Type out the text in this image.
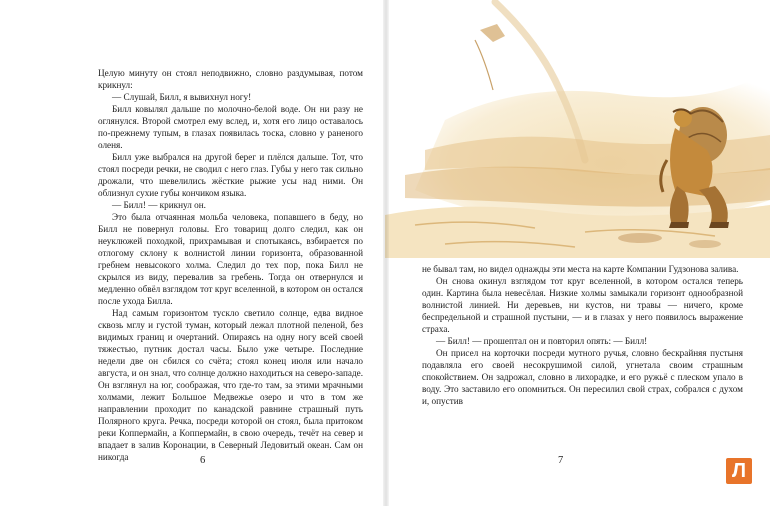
Целую минуту он стоял неподвижно, словно раздумывая, потом крикнул:

— Слушай, Билл, я вывихнул ногу!

Билл ковылял дальше по молочно-белой воде. Он ни разу не оглянулся. Второй смотрел ему вслед, и, хотя его лицо оставалось по-прежнему тупым, в глазах появилась тоска, словно у раненого оленя.

Билл уже выбрался на другой берег и плёлся дальше. Тот, что стоял посреди речки, не сводил с него глаз. Губы у него так сильно дрожали, что шевелились жёсткие рыжие усы над ними. Он облизнул сухие губы кончиком языка.

— Билл! — крикнул он.

Это была отчаянная мольба человека, попавшего в беду, но Билл не повернул головы. Его товарищ долго следил, как он неуклюжей походкой, прихрамывая и спотыкаясь, взбирается по отлогому склону к волнистой линии горизонта, образованной гребнем невысокого холма. Следил до тех пор, пока Билл не скрылся из виду, перевалив за гребень. Тогда он отвернулся и медленно обвёл взглядом тот круг вселенной, в котором он остался после ухода Билла.

Над самым горизонтом тускло светило солнце, едва видное сквозь мглу и густой туман, который лежал плотной пеленой, без видимых границ и очертаний. Опираясь на одну ногу всей своей тяжестью, путник достал часы. Было уже четыре. Последние недели две он сбился со счёта; стоял конец июля или начало августа, и он знал, что солнце должно находиться на северо-западе. Он взглянул на юг, соображая, что где-то там, за этими мрачными холмами, лежит Большое Медвежье озеро и что в том же направлении проходит по канадской равнине страшный путь Полярного круга. Речка, посреди которой он стоял, была притоком реки Коппермайн, а Коппермайн, в свою очередь, течёт на север и впадает в залив Коронации, в Северный Ледовитый океан. Сам он никогда	6

не бывал там, но видел однажды эти места на карте Компании Гудзонова залива.

Он снова окинул взглядом тот круг вселенной, в котором остался теперь один. Картина была невесёлая. Низкие холмы замыкали горизонт однообразной волнистой линией. Ни деревьев, ни кустов, ни травы — ничего, кроме беспредельной и страшной пустыни, — и в глазах у него появилось выражение страха.

— Билл! — прошептал он и повторил опять: — Билл!

Он присел на корточки посреди мутного ручья, словно бескрайняя пустыня подавляла его своей несокрушимой силой, угнетала своим страшным спокойствием. Он задрожал, словно в лихорадке, и его ружьё с плеском упало в воду. Это заставило его опомниться. Он пересилил свой страх, собрался с духом и, опустив

7	Л
